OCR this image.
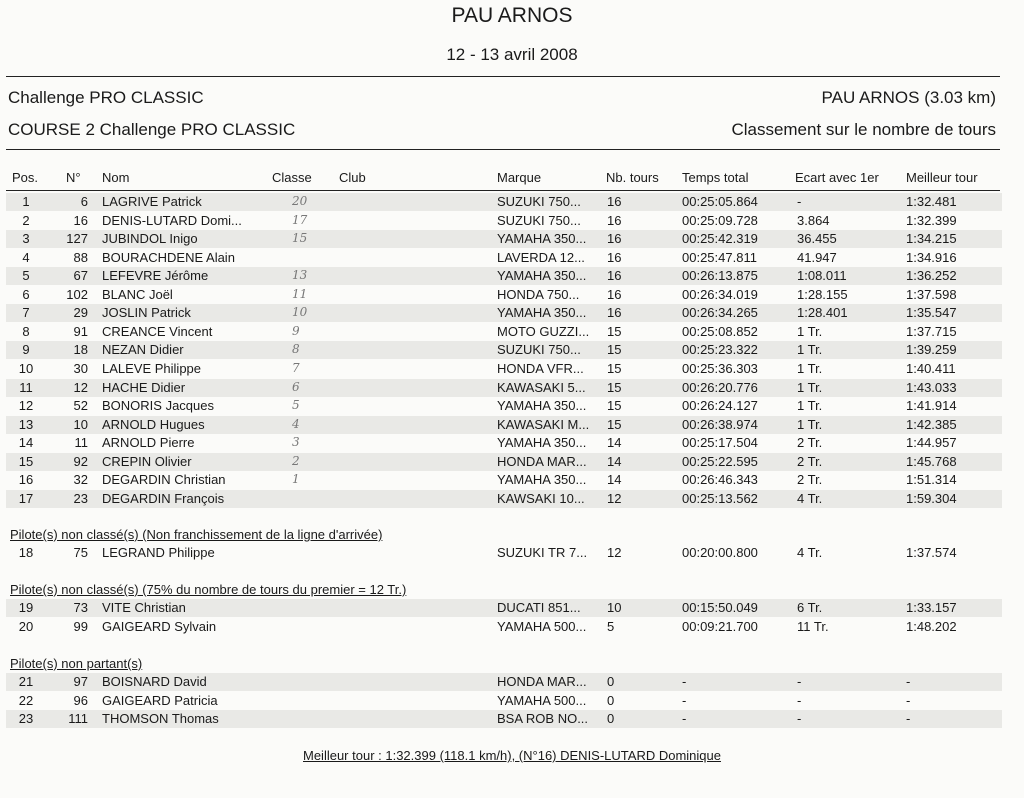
PAU ARNOS
12 - 13 avril 2008
Challenge PRO CLASSIC	PAU ARNOS (3.03 km)
COURSE 2 Challenge PRO CLASSIC	Classement sur le nombre de tours
Pos. N° Nom	Classe Club	Marque	Nb. tours Temps total	Ecart avec 1er Meilleur tour
1	6 LAGRIVE Patrick	20	SUZUKI 750... 16	00:25:05.864	-	1:32.481
2	16 DENIS-LUTARD Domi...	17	SUZUKI 750... 16	00:25:09.728	3.864	1:32.399
3	127 JUBINDOL Inigo	15	YAMAHA 350... 16	00:25:42.319	36.455	1:34.215
4	88 BOURACHDENE Alain	LAVERDA 12... 16	00:25:47.811	41.947	1:34.916
5	67 LEFEVRE Jérôme	13	YAMAHA 350... 16	00:26:13.875	1:08.011	1:36.252
6	102 BLANC Joël	11	HONDA 750... 16	00:26:34.019	1:28.155	1:37.598
7	29 JOSLIN Patrick	10	YAMAHA 350... 16	00:26:34.265	1:28.401	1:35.547
8	91 CREANCE Vincent	9	MOTO GUZZI... 15	00:25:08.852	1 Tr.	1:37.715
9	18 NEZAN Didier	8	SUZUKI 750... 15	00:25:23.322	1 Tr.	1:39.259
10	30 LALEVE Philippe	7	HONDA VFR... 15	00:25:36.303	1 Tr.	1:40.411
11	12 HACHE Didier	6	KAWASAKI 5... 15	00:26:20.776	1 Tr.	1:43.033
12	52 BONORIS Jacques	5	YAMAHA 350... 15	00:26:24.127	1 Tr.	1:41.914
13	10 ARNOLD Hugues	4	KAWASAKI M... 15	00:26:38.974	1 Tr.	1:42.385
14	11 ARNOLD Pierre	3	YAMAHA 350... 14	00:25:17.504	2 Tr.	1:44.957
15	92 CREPIN Olivier	2	HONDA MAR... 14	00:25:22.595	2 Tr.	1:45.768
16	32 DEGARDIN Christian	1	YAMAHA 350... 14	00:26:46.343	2 Tr.	1:51.314
17	23 DEGARDIN François	KAWSAKI 10... 12	00:25:13.562	4 Tr.	1:59.304
Pilote(s) non classé(s) (Non franchissement de la ligne d'arrivée)
18	75 LEGRAND Philippe	SUZUKI TR 7... 12	00:20:00.800	4 Tr.	1:37.574
Pilote(s) non classé(s) (75% du nombre de tours du premier = 12 Tr.)
19	73 VITE Christian	DUCATI 851... 10	00:15:50.049	6 Tr.	1:33.157
20	99 GAIGEARD Sylvain	YAMAHA 500... 5	00:09:21.700	11 Tr.	1:48.202
Pilote(s) non partant(s)
21	97 BOISNARD David	HONDA MAR... 0	-	-	-
22	96 GAIGEARD Patricia	YAMAHA 500... 0	-	-	-
23	111 THOMSON Thomas	BSA ROB NO... 0	-	-	-
Meilleur tour : 1:32.399 (118.1 km/h), (N°16) DENIS-LUTARD Dominique
